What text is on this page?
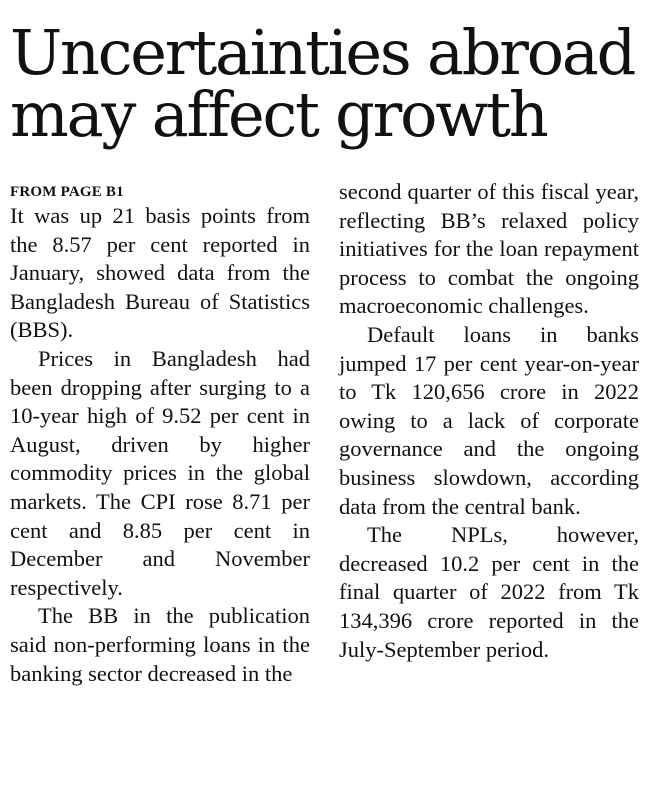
Uncertainties abroad
may affect growth
FROM PAGE B1

It was up 21 basis points from the 8.57 per cent reported in January, showed data from the Bangladesh Bureau of Statistics (BBS).

Prices in Bangladesh had been dropping after surging to a 10-year high of 9.52 per cent in August, driven by higher commodity prices in the global markets. The CPI rose 8.71 per cent and 8.85 per cent in December and November respectively.

The BB in the publication said non-performing loans in the banking sector decreased in the

second quarter of this fiscal year, reflecting BB’s relaxed policy initiatives for the loan repayment process to combat the ongoing macroeconomic challenges.

Default loans in banks jumped 17 per cent year-on-year to Tk 120,656 crore in 2022 owing to a lack of corporate governance and the ongoing business slowdown, according data from the central bank.

The NPLs, however, decreased 10.2 per cent in the final quarter of 2022 from Tk 134,396 crore reported in the July-September period.
